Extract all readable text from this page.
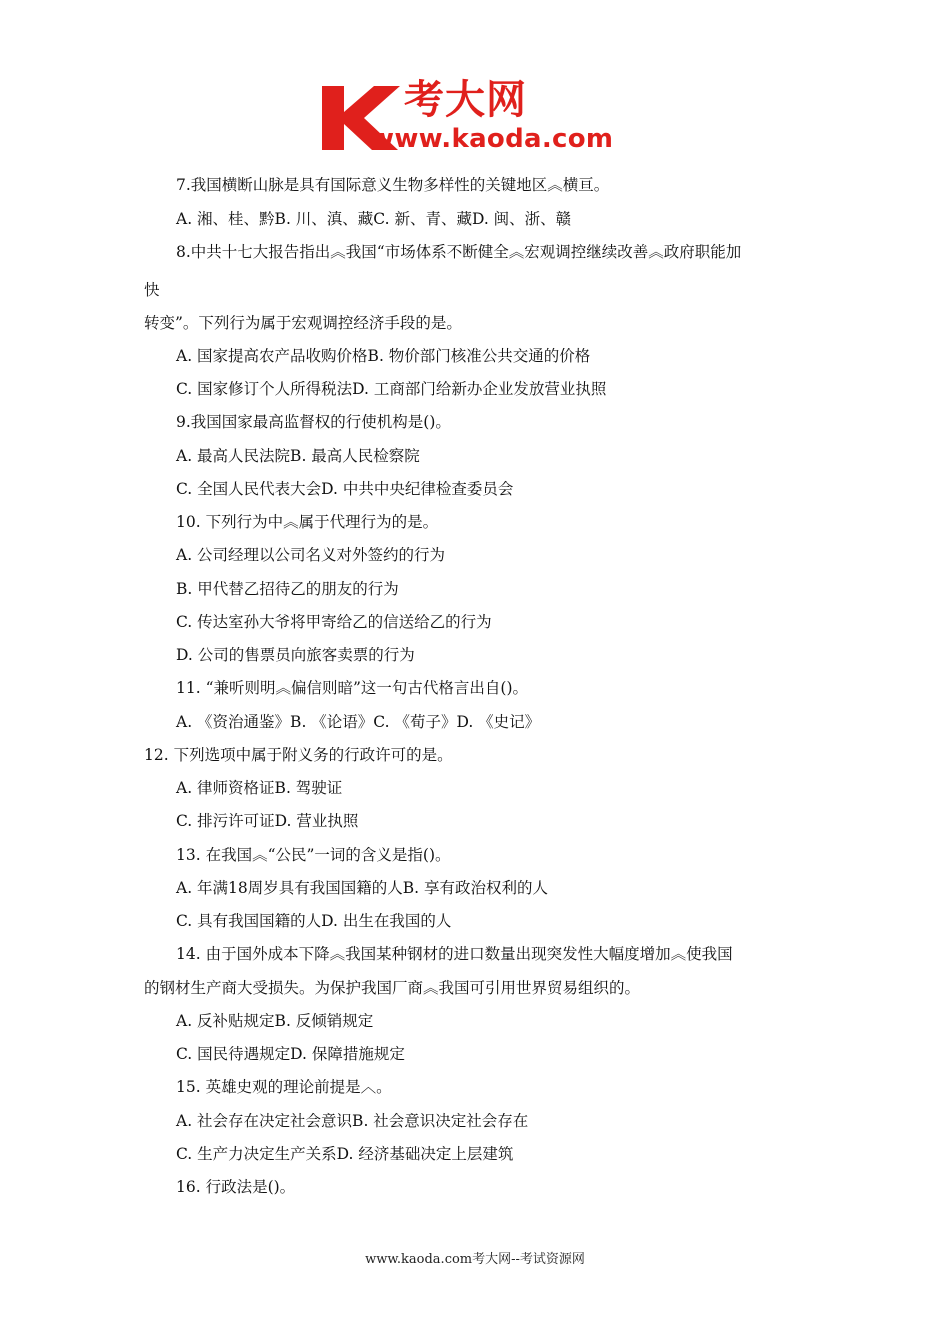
考大网
www.kaoda.com
7.我国横断山脉是具有国际意义生物多样性的关键地区︽横亘。
A. 湘、桂、黔B. 川、滇、藏C. 新、青、藏D. 闽、浙、赣
8.中共十七大报告指出︽我国“市场体系不断健全︽宏观调控继续改善︽政府职能加
快
转变”。下列行为属于宏观调控经济手段的是。
A. 国家提高农产品收购价格B. 物价部门核准公共交通的价格
C. 国家修订个人所得税法D. 工商部门给新办企业发放营业执照
9.我国国家最高监督权的行使机构是()。
A. 最高人民法院B. 最高人民检察院
C. 全国人民代表大会D. 中共中央纪律检查委员会
10. 下列行为中︽属于代理行为的是。
A. 公司经理以公司名义对外签约的行为
B. 甲代替乙招待乙的朋友的行为
C. 传达室孙大爷将甲寄给乙的信送给乙的行为
D. 公司的售票员向旅客卖票的行为
11. “兼听则明︽偏信则暗”这一句古代格言出自()。
A. 《资治通鉴》B. 《论语》C. 《荀子》D. 《史记》
12. 下列选项中属于附义务的行政许可的是。
A. 律师资格证B. 驾驶证
C. 排污许可证D. 营业执照
13. 在我国︽“公民”一词的含义是指()。
A. 年满18周岁具有我国国籍的人B. 享有政治权利的人
C. 具有我国国籍的人D. 出生在我国的人
14. 由于国外成本下降︽我国某种钢材的进口数量出现突发性大幅度增加︽使我国
的钢材生产商大受损失。为保护我国厂商︽我国可引用世界贸易组织的。
A. 反补贴规定B. 反倾销规定
C. 国民待遇规定D. 保障措施规定
15. 英雄史观的理论前提是︿。
A. 社会存在决定社会意识B. 社会意识决定社会存在
C. 生产力决定生产关系D. 经济基础决定上层建筑
16. 行政法是()。
www.kaoda.com考大网--考试资源网
